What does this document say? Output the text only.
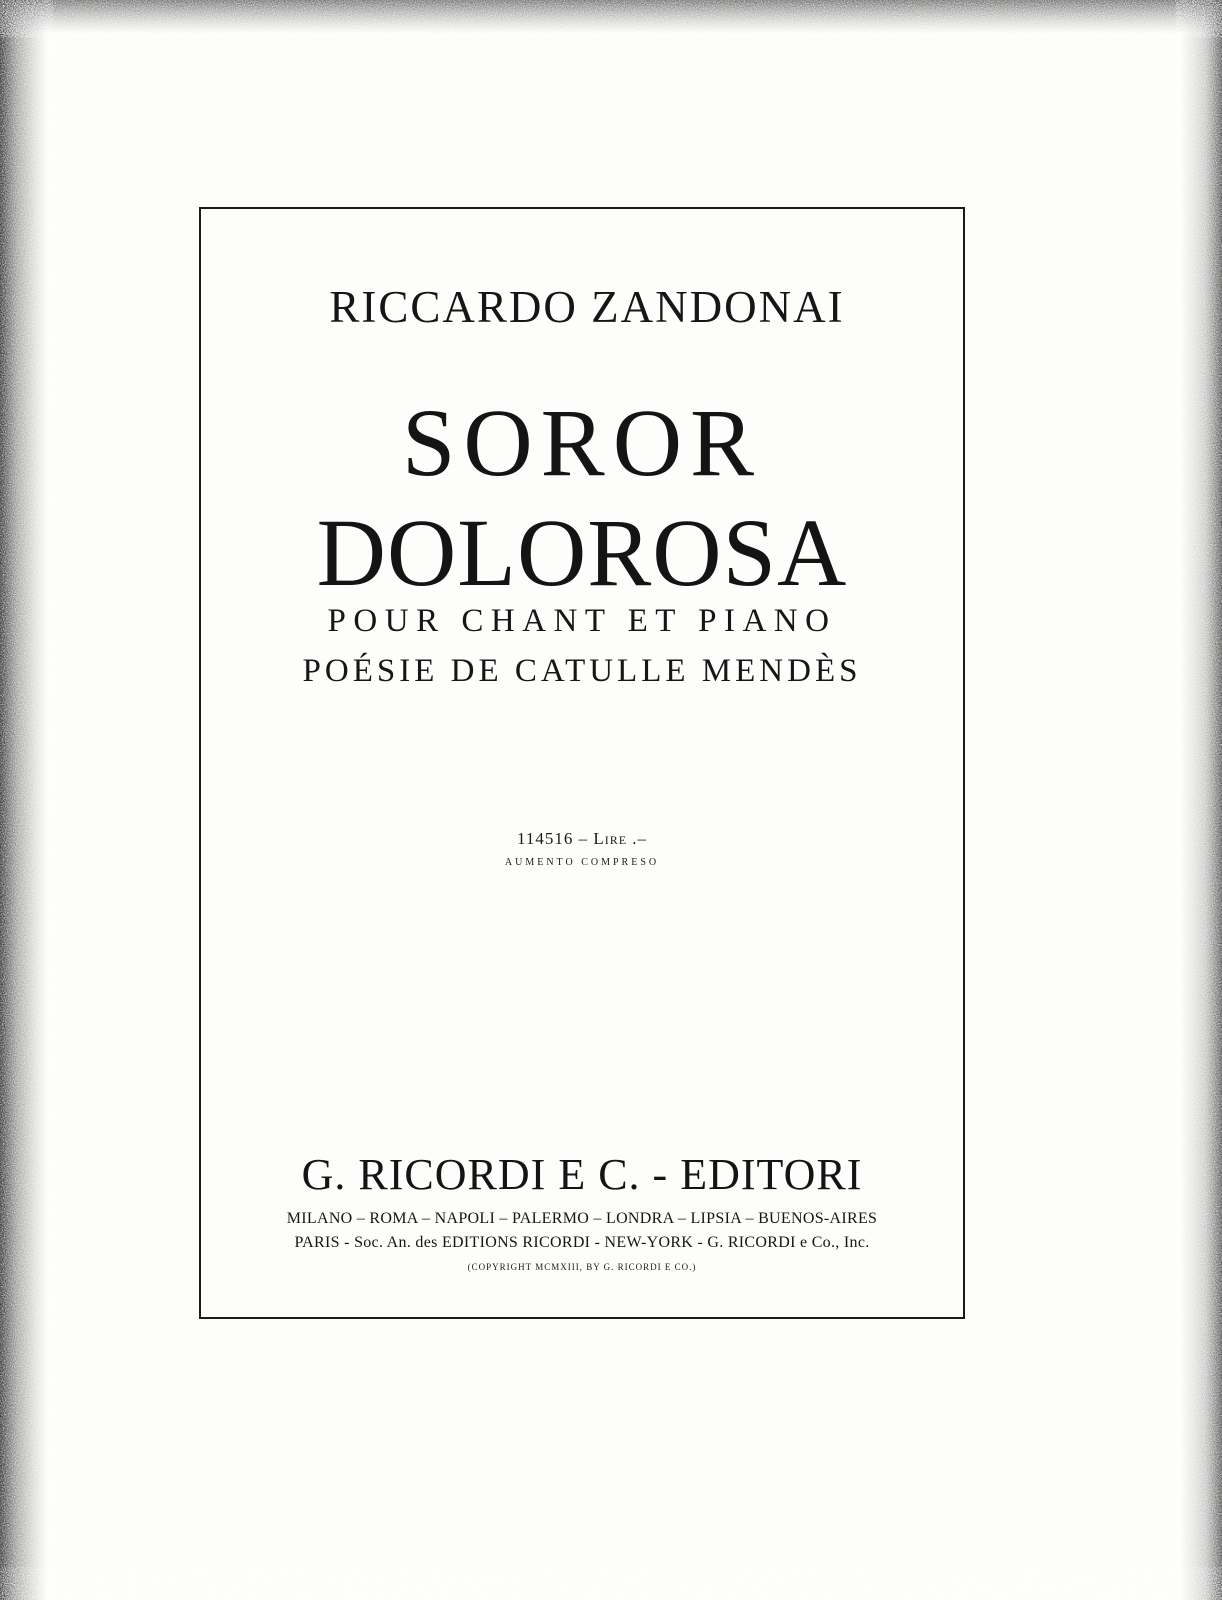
RICCARDO ZANDONAI
SOROR
DOLOROSA
POUR CHANT ET PIANO
POÉSIE DE CATULLE MENDÈS
114516 – Lire .–
AUMENTO COMPRESO
G. RICORDI E C. - EDITORI
MILANO – ROMA – NAPOLI – PALERMO – LONDRA – LIPSIA – BUENOS-AIRES
PARIS - Soc. An. des EDITIONS RICORDI - NEW-YORK - G. RICORDI e Co., Inc.
(COPYRIGHT MCMXIII, BY G. RICORDI E CO.)
